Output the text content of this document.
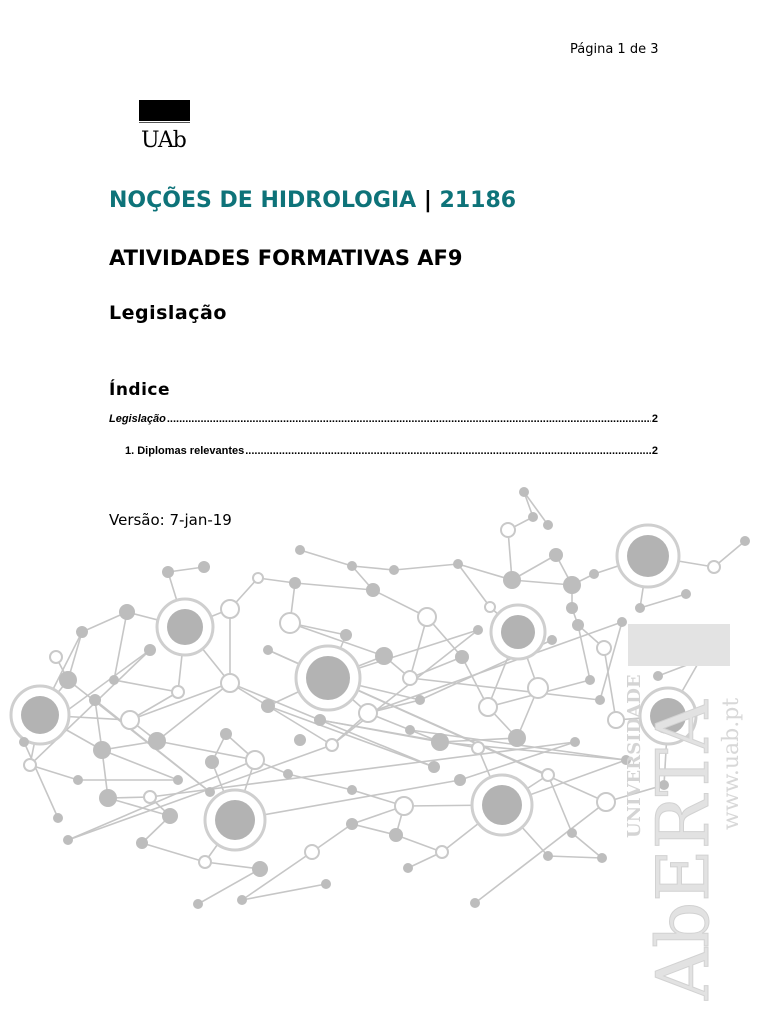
Página 1 de 3
UAb
NOÇÕES DE HIDROLOGIA | 21186
ATIVIDADES FORMATIVAS AF9
Legislação
Índice
Legislação .....	2
1. Diplomas relevantes .....	2
Versão: 7-jan-19
AbERTA
UNIVERSIDADE	www.uab.pt
